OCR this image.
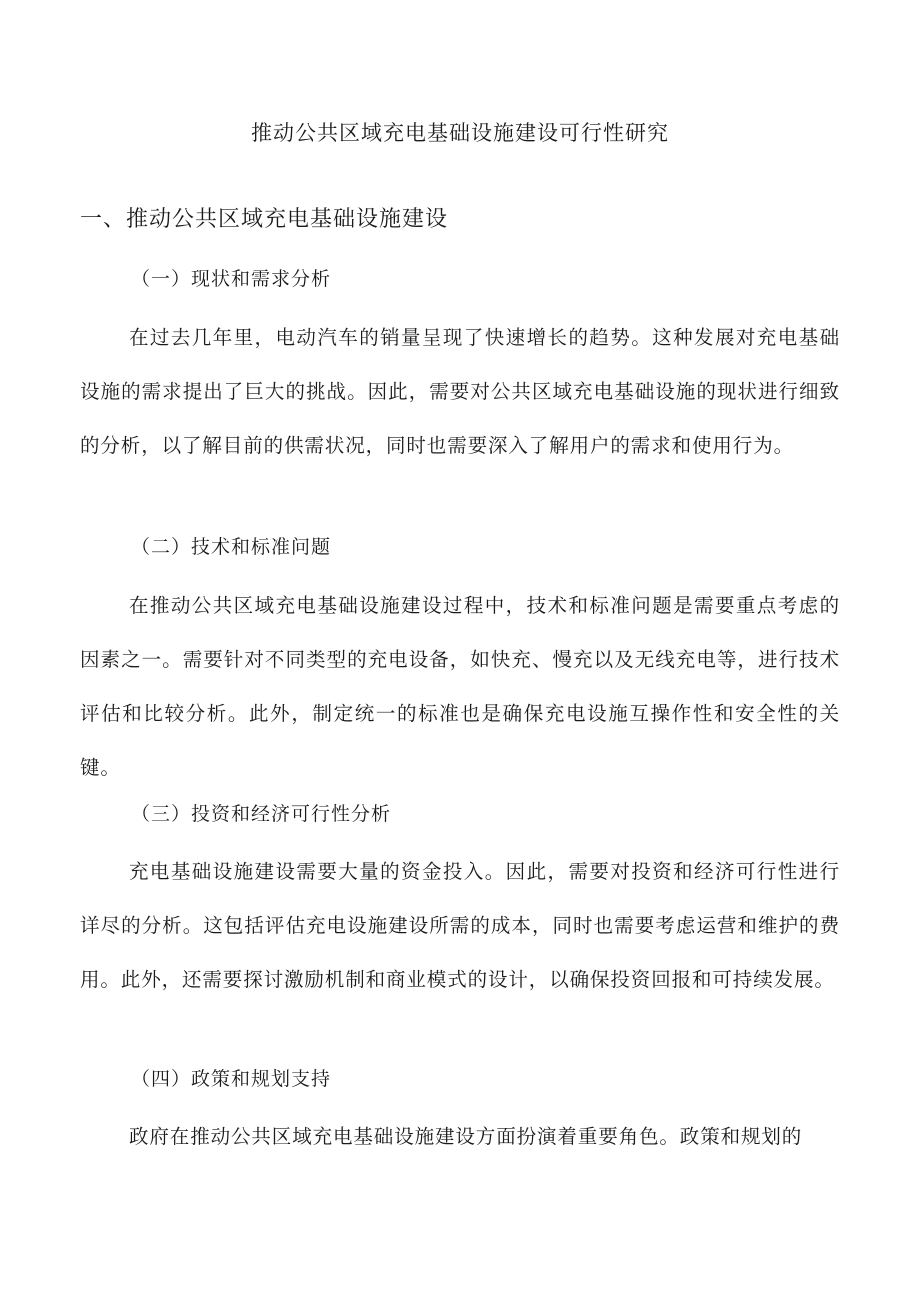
推动公共区域充电基础设施建设可行性研究
一、推动公共区域充电基础设施建设
（一）现状和需求分析

在过去几年里，电动汽车的销量呈现了快速增长的趋势。这种发展对充电基础设施的需求提出了巨大的挑战。因此，需要对公共区域充电基础设施的现状进行细致的分析，以了解目前的供需状况，同时也需要深入了解用户的需求和使用行为。

（二）技术和标准问题

在推动公共区域充电基础设施建设过程中，技术和标准问题是需要重点考虑的因素之一。需要针对不同类型的充电设备，如快充、慢充以及无线充电等，进行技术评估和比较分析。此外，制定统一的标准也是确保充电设施互操作性和安全性的关键。

（三）投资和经济可行性分析

充电基础设施建设需要大量的资金投入。因此，需要对投资和经济可行性进行详尽的分析。这包括评估充电设施建设所需的成本，同时也需要考虑运营和维护的费用。此外，还需要探讨激励机制和商业模式的设计，以确保投资回报和可持续发展。

（四）政策和规划支持

政府在推动公共区域充电基础设施建设方面扮演着重要角色。政策和规划的
